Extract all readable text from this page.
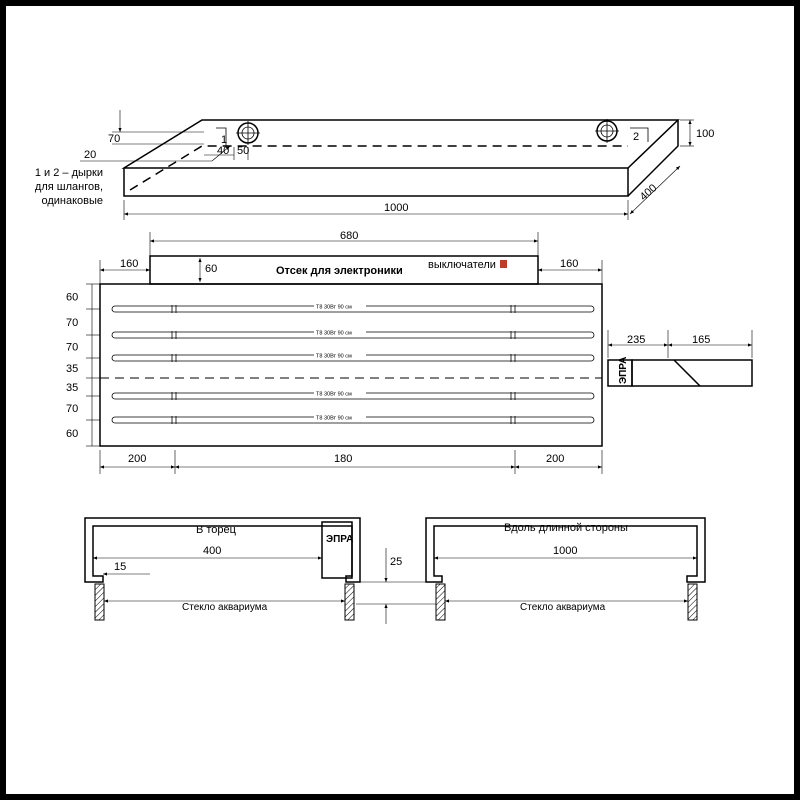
1	2
70
20	40 50
100
400
1000
1 и 2 – дырки
для шлангов,
одинаковые
Отсек для электроники выключатели
680
160	160
60
T8 30Вт 90 см
T8 30Вт 90 см
T8 30Вт 90 см
T8 30Вт 90 см
T8 30Вт 90 см
60
70
70
35
35
70
60
200	180	200
ЭПРА
235	165
ЭПРА
В торец
400
15
Стекло аквариума
25
Вдоль длинной стороны
1000
Стекло аквариума
